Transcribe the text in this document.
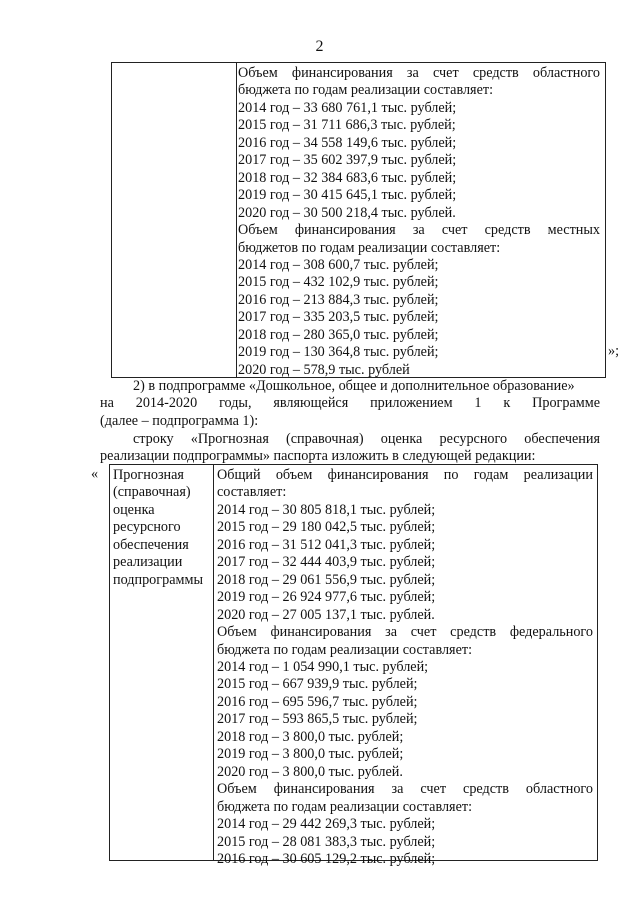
2
Объем финансирования за счет средств областного
бюджета по годам реализации составляет:
2014 год – 33 680 761,1 тыс. рублей;
2015 год – 31 711 686,3 тыс. рублей;
2016 год – 34 558 149,6 тыс. рублей;
2017 год – 35 602 397,9 тыс. рублей;
2018 год – 32 384 683,6 тыс. рублей;
2019 год – 30 415 645,1 тыс. рублей;
2020 год – 30 500 218,4 тыс. рублей.
Объем финансирования за счет средств местных
бюджетов по годам реализации составляет:
2014 год – 308 600,7 тыс. рублей;
2015 год – 432 102,9 тыс. рублей;
2016 год – 213 884,3 тыс. рублей;
2017 год – 335 203,5 тыс. рублей;
2018 год – 280 365,0 тыс. рублей;
2019 год – 130 364,8 тыс. рублей;
2020 год – 578,9 тыс. рублей
»;
2) в подпрограмме «Дошкольное, общее и дополнительное образование»
на 2014-2020 годы, являющейся приложением 1 к Программе
(далее – подпрограмма 1):
строку «Прогнозная (справочная) оценка ресурсного обеспечения
реализации подпрограммы» паспорта изложить в следующей редакции:
« Прогнозная
(справочная)
оценка
ресурсного
обеспечения
реализации
подпрограммы
Общий объем финансирования по годам реализации
составляет:
2014 год – 30 805 818,1 тыс. рублей;
2015 год – 29 180 042,5 тыс. рублей;
2016 год – 31 512 041,3 тыс. рублей;
2017 год – 32 444 403,9 тыс. рублей;
2018 год – 29 061 556,9 тыс. рублей;
2019 год – 26 924 977,6 тыс. рублей;
2020 год – 27 005 137,1 тыс. рублей.
Объем финансирования за счет средств федерального
бюджета по годам реализации составляет:
2014 год – 1 054 990,1 тыс. рублей;
2015 год – 667 939,9 тыс. рублей;
2016 год – 695 596,7 тыс. рублей;
2017 год – 593 865,5 тыс. рублей;
2018 год – 3 800,0 тыс. рублей;
2019 год – 3 800,0 тыс. рублей;
2020 год – 3 800,0 тыс. рублей.
Объем финансирования за счет средств областного
бюджета по годам реализации составляет:
2014 год – 29 442 269,3 тыс. рублей;
2015 год – 28 081 383,3 тыс. рублей;
2016 год – 30 605 129,2 тыс. рублей;
